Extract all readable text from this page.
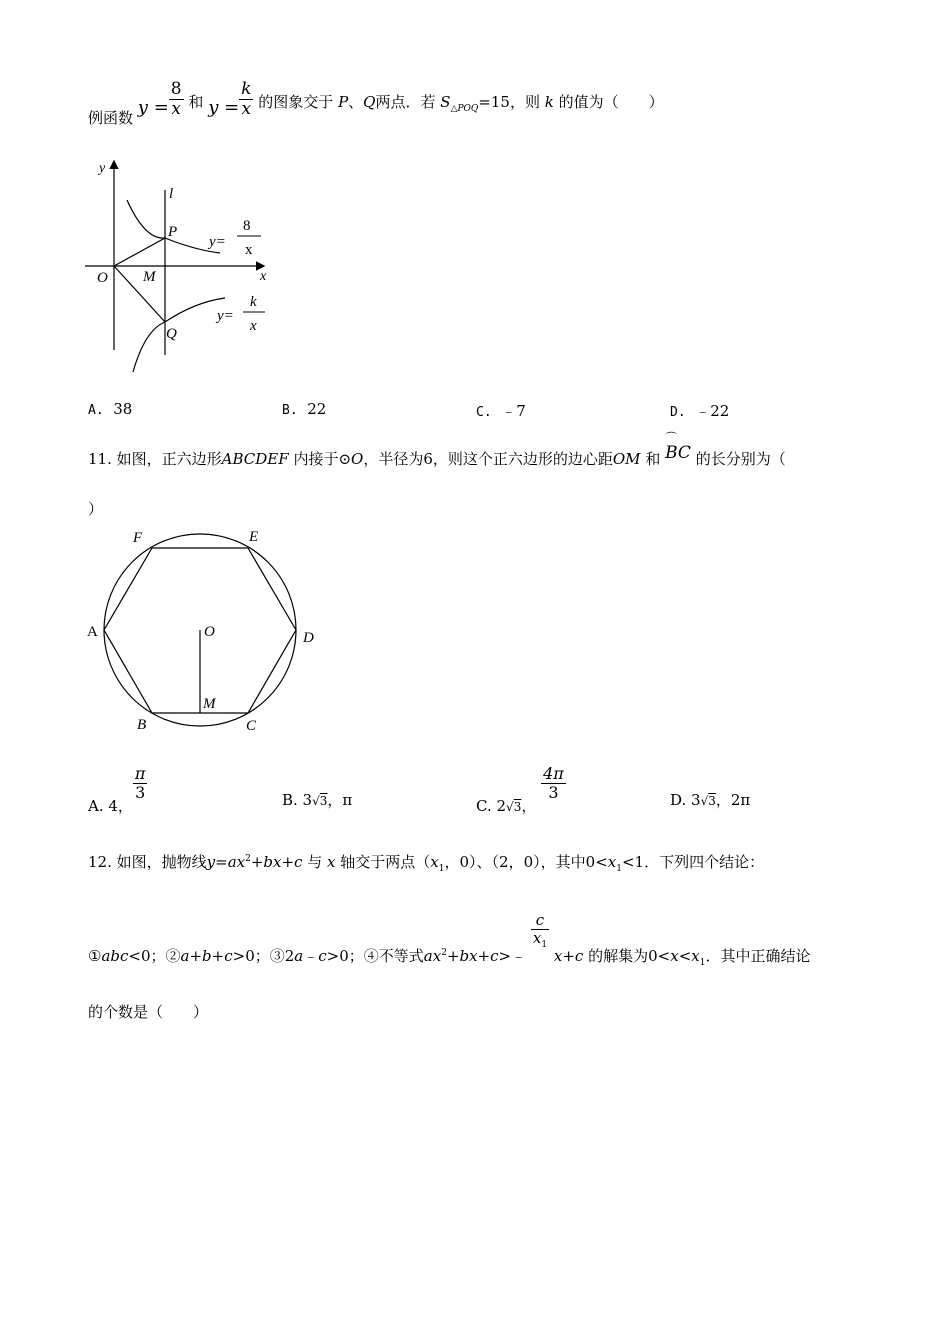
例函数 $y = \frac{8}{x}$ 和 $y = \frac{k}{x}$ 的图象交于 P、Q两点．若 $S_{\triangle POQ}=15$，则 k 的值为（　　）
y
x
O
l
M
P
Q
y=
8
x
y=
k
x
A. 38	B. 22	C. ﹣7	D. ﹣22
11. 如图，正六边形ABCDEF 内接于⊙O，半径为6，则这个正六边形的边心距OM 和
⌒
BC 的长分别为（
）
A
B	C
D
E
F
O
M
A. 4，
$\frac{\pi}{3}$	B. 3√3，π	C. 2√3，
$\frac{4\pi}{3}$	D. 3√3，2π
12. 如图，抛物线$y=ax^2+bx+c$ 与 x 轴交于两点（$x_1$，0）、（2，0），其中$0<x_1<1$．下列四个结论：
①abc<0；②a+b+c>0；③2a﹣c>0；④不等式$ax^2+bx+c>﹣$
$\frac{c}{x_1}$
x+c 的解集为$0<x<x_1$．其中正确结论
的个数是（　　）
